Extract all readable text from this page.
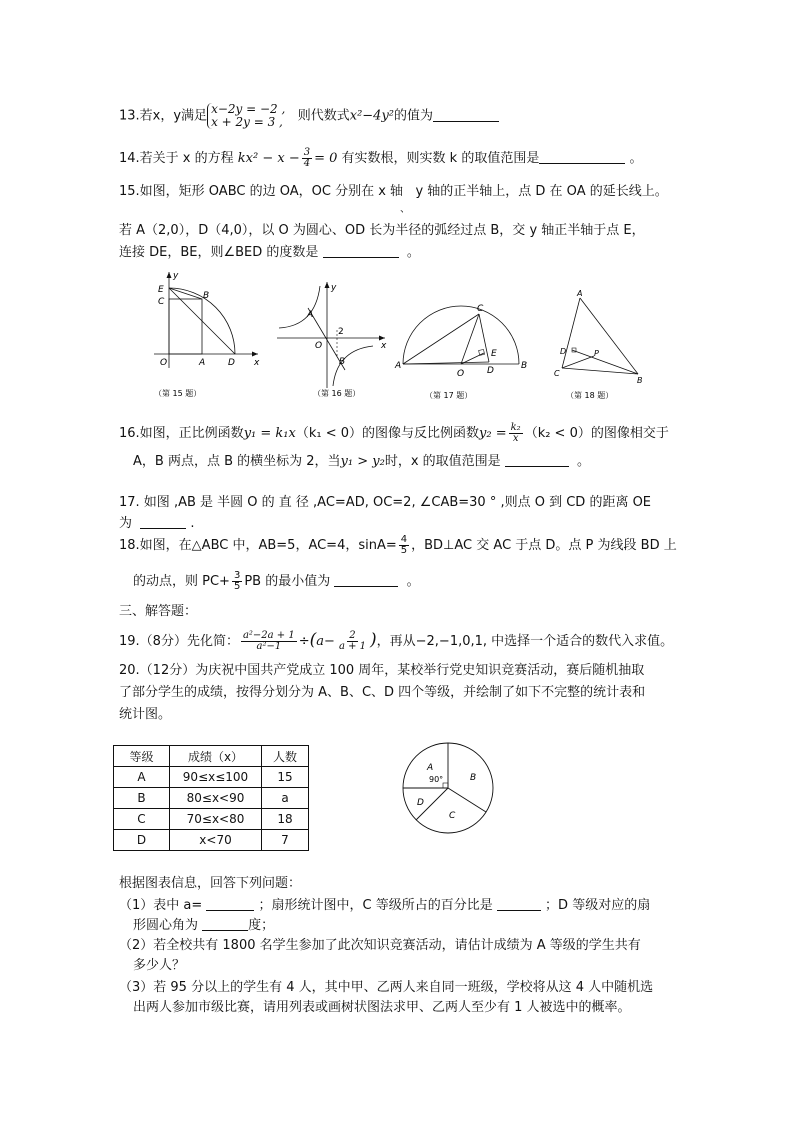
13.若x，y满足 x−2y = −2 ,
x + 2y = 3 , 则代数式x²−4y²的值为
14.若关于 x 的方程 $kx^2 - x - \frac{3}{4} = 0$ 有实数根，则实数 k 的取值范围是	。
15.如图，矩形 OABC 的边 OA，OC 分别在 x 轴 y 轴的正半轴上，点 D 在 OA 的延长线上。
、
若 A（2,0），D（4,0），以 O 为圆心、OD 长为半径的弧经过点 B，交 y 轴正半轴于点 E，
连接 DE，BE，则∠BED 的度数是	。
E
C
B
O	A	D x
y
（第 15 题）
A
B
O
2
x
y
（第 16 题）
A	B
C
O	D
E
（第 17 题）
A
B
C
D	P
（第 18 题）
16.如图，正比例函数y₁ = k₁x（k₁ < 0）的图像与反比例函数$y_2 = \frac{\text{k₂}}{x} (k_2 < 0)$的图像相交于
A，B 两点，点 B 的横坐标为 2，当y₁ > y₂时，x 的取值范围是	。
17. 如图 ,AB 是 半圆 O 的 直 径 ,AC=AD, OC=2, ∠CAB=30 ° ,则点 O 到 CD 的距离 OE
为	.
18.如图，在△ABC 中，AB=5，AC=4，$\sin A= \frac{4}{5}$ ，BD⊥AC 交 AC 于点 D。点 P 为线段 BD 上
的动点，则 $PC+ \frac{3}{5}$ PB 的最小值为	。
三、解答题：
19.（8分）先化简： $\frac{\text{a²−2a + 1}}{\text{a²−1}} \div(a- \frac{2}{a + 1}$ )，再从−2,−1,0,1, 中选择一个适合的数代入求值。
20.（12分）为庆祝中国共产党成立 100 周年，某校举行党史知识竞赛活动，赛后随机抽取
了部分学生的成绩，按得分划分为 A、B、C、D 四个等级，并绘制了如下不完整的统计表和
统计图。
等级	成绩（x）	人数
A	90≤x≤100	15
B	80≤x<90	a
C	70≤x<80	18
D	x<70	7
A
90°	B
C
D
根据图表信息，回答下列问题：
（1）表中 a=	；扇形统计图中，C 等级所占的百分比是	；D 等级对应的扇
形圆心角为	度；
（2）若全校共有 1800 名学生参加了此次知识竞赛活动，请估计成绩为 A 等级的学生共有
多少人？
（3）若 95 分以上的学生有 4 人，其中甲、乙两人来自同一班级，学校将从这 4 人中随机选
出两人参加市级比赛，请用列表或画树状图法求甲、乙两人至少有 1 人被选中的概率。
